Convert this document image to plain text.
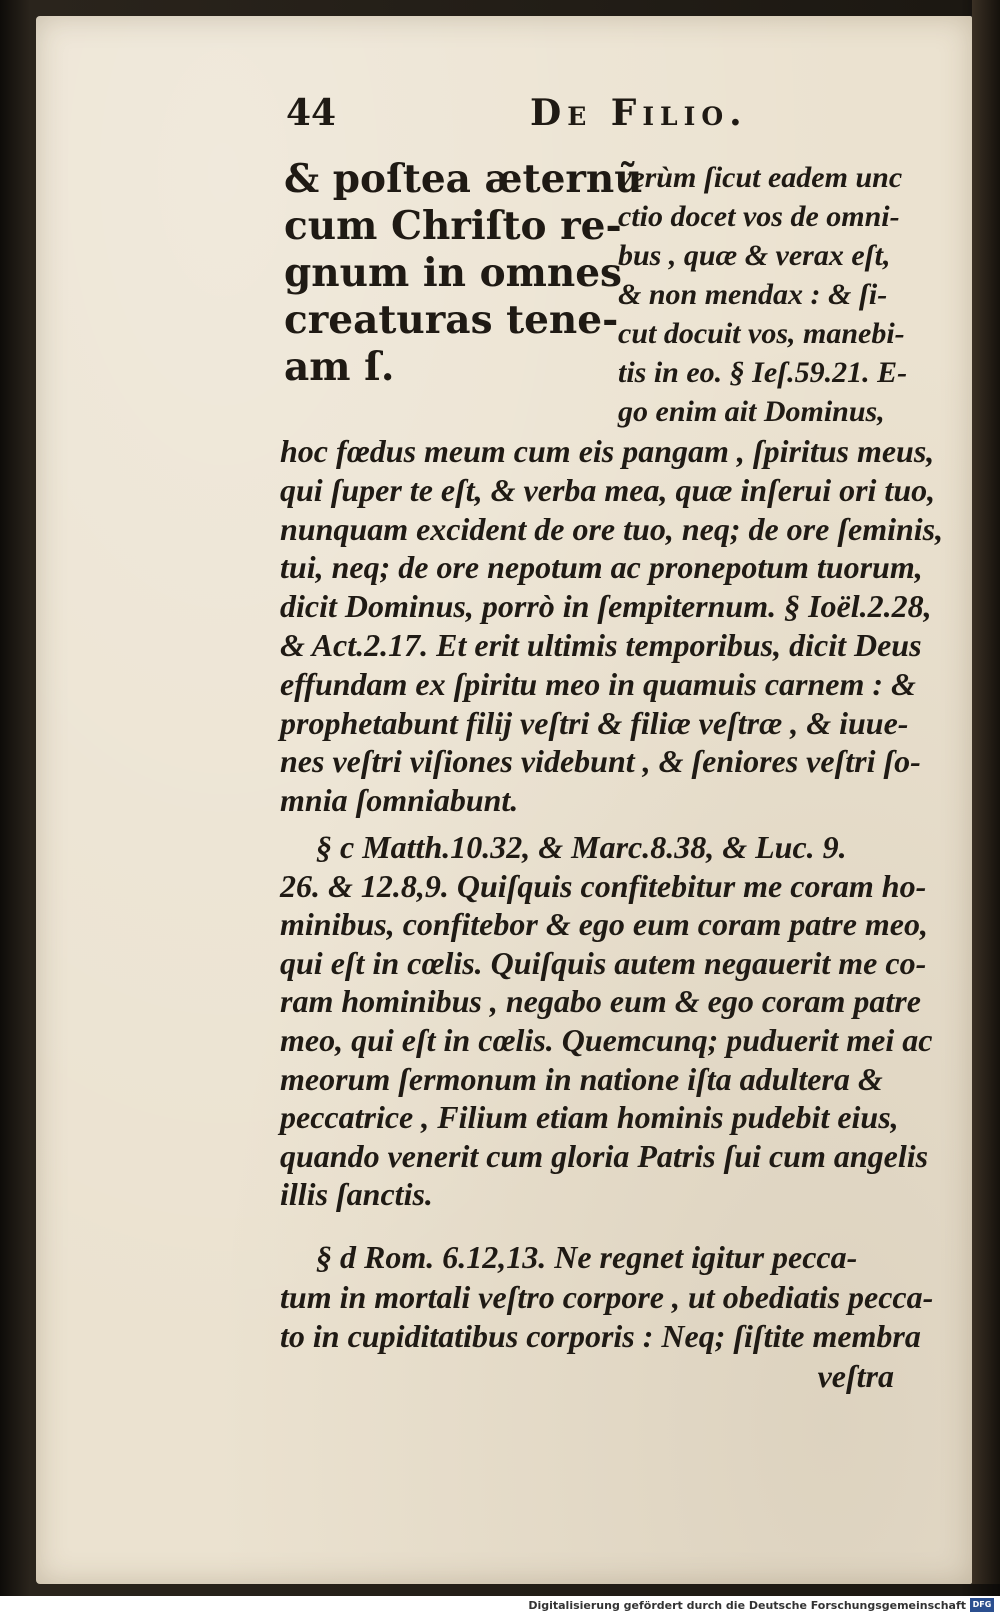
44	De Filio.
& poſtea æternũ
cum Chriſto re-
gnum in omnes
creaturas tene-
am ſ.
verùm ſicut eadem unc
ctio docet vos de omni-
bus , quæ & verax eſt,
& non mendax : & ſi-
cut docuit vos, manebi-
tis in eo. § Ieſ.59.21. E-
go enim ait Dominus,
hoc fœdus meum cum eis pangam , ſpiritus meus,
qui ſuper te eſt, & verba mea, quæ inſerui ori tuo,
nunquam excident de ore tuo, neq; de ore ſeminis,
tui, neq; de ore nepotum ac pronepotum tuorum,
dicit Dominus, porrò in ſempiternum. § Ioël.2.28,
& Act.2.17. Et erit ultimis temporibus, dicit Deus
effundam ex ſpiritu meo in quamuis carnem : &
prophetabunt filij veſtri & filiæ veſtræ , & iuue-
nes veſtri viſiones videbunt , & ſeniores veſtri ſo-
mnia ſomniabunt.
§ c Matth.10.32, & Marc.8.38, & Luc. 9.
26. & 12.8,9. Quiſquis confitebitur me coram ho-
minibus, confitebor & ego eum coram patre meo,
qui eſt in cœlis. Quiſquis autem negauerit me co-
ram hominibus , negabo eum & ego coram patre
meo, qui eſt in cœlis. Quemcunq; puduerit mei ac
meorum ſermonum in natione iſta adultera &
peccatrice , Filium etiam hominis pudebit eius,
quando venerit cum gloria Patris ſui cum angelis
illis ſanctis.
§ d Rom. 6.12,13. Ne regnet igitur pecca-
tum in mortali veſtro corpore , ut obediatis pecca-
to in cupiditatibus corporis : Neq; ſiſtite membra
veſtra
Digitalisierung gefördert durch die Deutsche Forschungsgemeinschaft DFG
